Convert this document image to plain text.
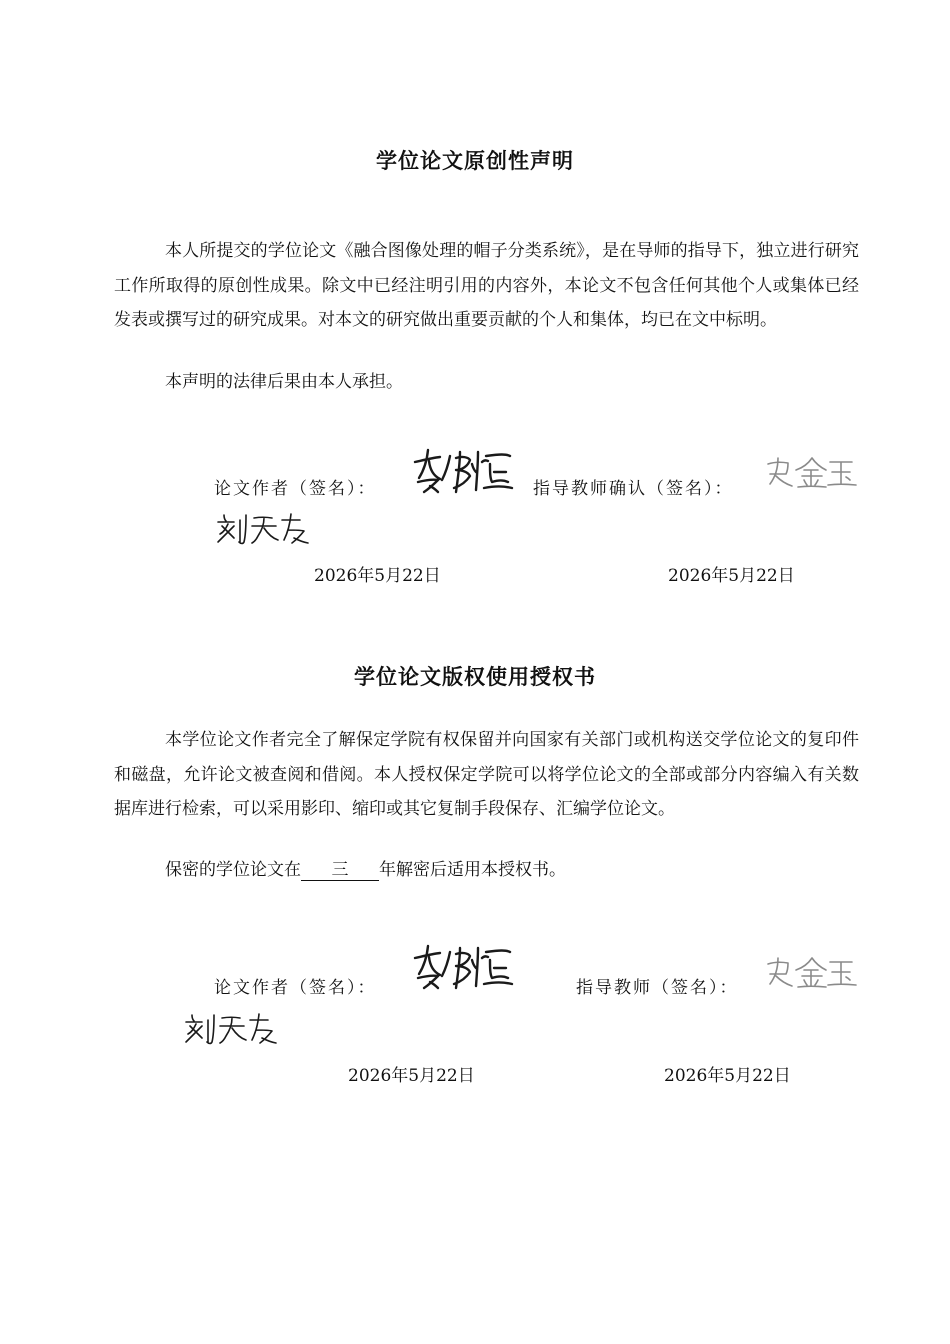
学位论文原创性声明

本人所提交的学位论文《融合图像处理的帽子分类系统》，是在导师的指导下，独立进行研究工作所取得的原创性成果。除文中已经注明引用的内容外，本论文不包含任何其他个人或集体已经发表或撰写过的研究成果。对本文的研究做出重要贡献的个人和集体，均已在文中标明。

本声明的法律后果由本人承担。

论文作者（签名）：	指导教师确认（签名）：
2026年5月22日	2026年5月22日
学位论文版权使用授权书

本学位论文作者完全了解保定学院有权保留并向国家有关部门或机构送交学位论文的复印件和磁盘，允许论文被查阅和借阅。本人授权保定学院可以将学位论文的全部或部分内容编入有关数据库进行检索，可以采用影印、缩印或其它复制手段保存、汇编学位论文。

保密的学位论文在 三 年解密后适用本授权书。

论文作者（签名）：	指导教师（签名）：
2026年5月22日	2026年5月22日
